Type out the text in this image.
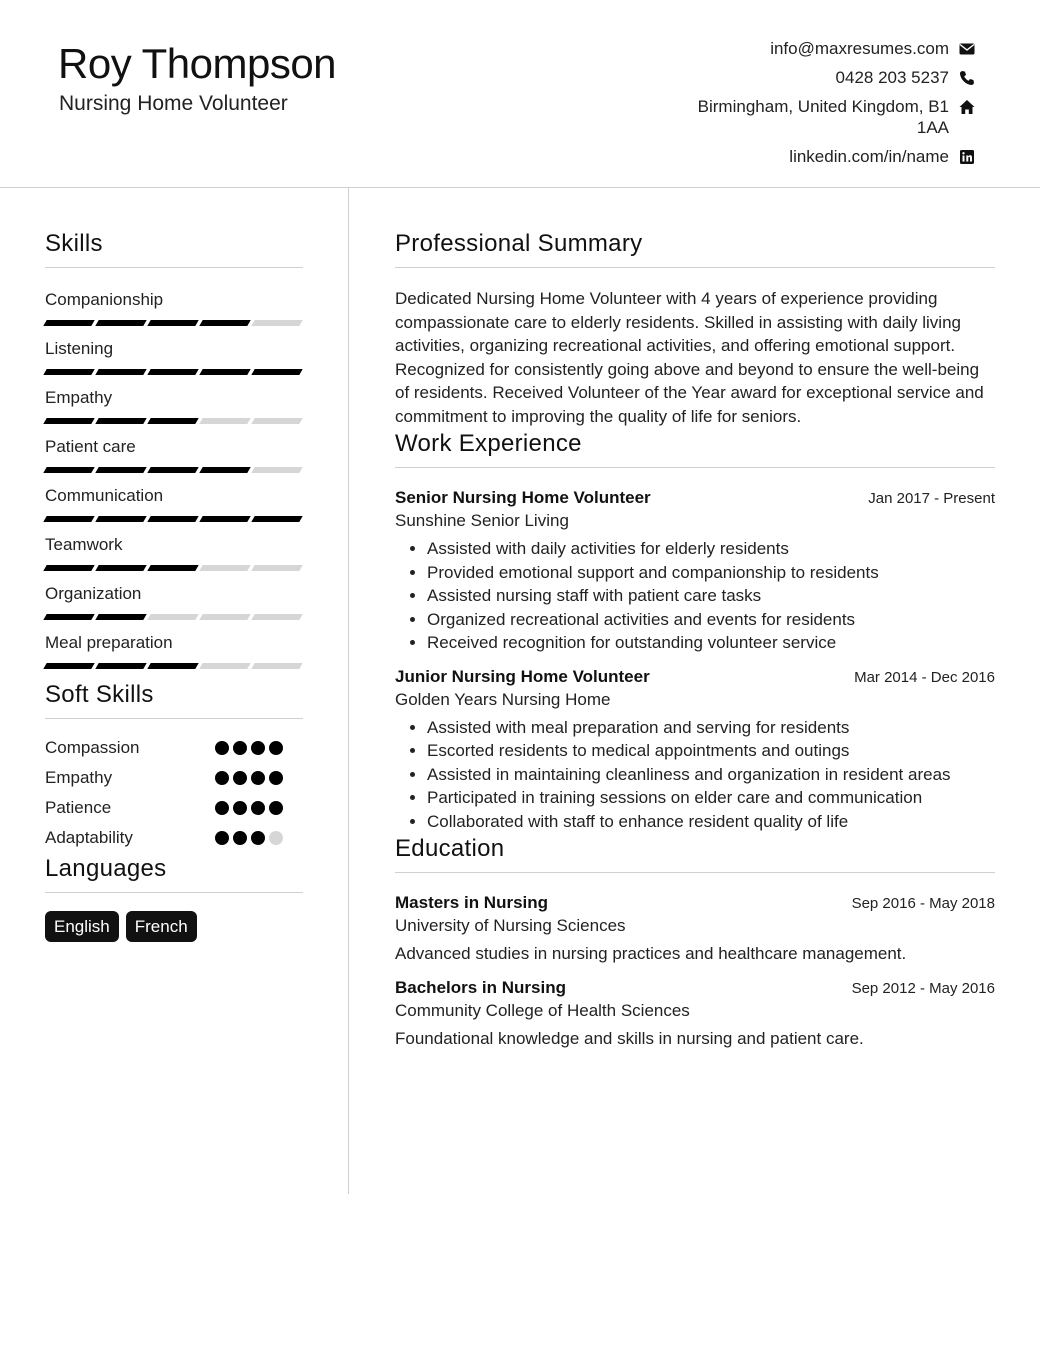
Roy Thompson
Nursing Home Volunteer
info@maxresumes.com
0428 203 5237
Birmingham, United Kingdom, B1 1AA
linkedin.com/in/name
Skills
Companionship
Listening
Empathy
Patient care
Communication
Teamwork
Organization
Meal preparation
Soft Skills
Compassion
Empathy
Patience
Adaptability
Languages
English	French
Professional Summary
Dedicated Nursing Home Volunteer with 4 years of experience providing compassionate care to elderly residents. Skilled in assisting with daily living activities, organizing recreational activities, and offering emotional support. Recognized for consistently going above and beyond to ensure the well-being of residents. Received Volunteer of the Year award for exceptional service and commitment to improving the quality of life for seniors.
Work Experience
Senior Nursing Home Volunteer	Jan 2017 - Present
Sunshine Senior Living
• Assisted with daily activities for elderly residents
• Provided emotional support and companionship to residents
• Assisted nursing staff with patient care tasks
• Organized recreational activities and events for residents
• Received recognition for outstanding volunteer service
Junior Nursing Home Volunteer	Mar 2014 - Dec 2016
Golden Years Nursing Home
• Assisted with meal preparation and serving for residents
• Escorted residents to medical appointments and outings
• Assisted in maintaining cleanliness and organization in resident areas
• Participated in training sessions on elder care and communication
• Collaborated with staff to enhance resident quality of life
Education
Masters in Nursing	Sep 2016 - May 2018
University of Nursing Sciences
Advanced studies in nursing practices and healthcare management.
Bachelors in Nursing	Sep 2012 - May 2016
Community College of Health Sciences
Foundational knowledge and skills in nursing and patient care.
